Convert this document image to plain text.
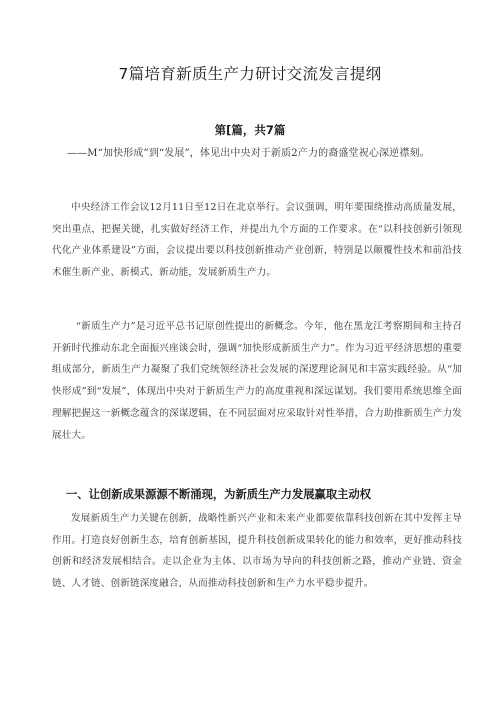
7篇培育新质生产力研讨交流发言提纲
第[篇，共7篇
——M“加快形成”到“发展”，体见出中央对于新质2产力的裔盛堂祝心深逆襟刻。
中央经济工作会议12月11日至12日在北京举行。会议强调，明年要围绕推动高质量发展，突出重点，把握关键，扎实做好经济工作，并提出九个方面的工作要求。在“以科技创新引领现代化产业体系建设”方面，会议提出要以科技创新推动产业创新，特别是以颠覆性技术和前沿技术催生新产业、新模式、新动能，发展新质生产力。
“新质生产力”是习近平总书记原创性提出的新概念。今年，他在黑龙江考察期间和主持召开新时代推动东北全面振兴座谈会时，强调“加快形成新质生产力”。作为习近平经济思想的重要组成部分，新质生产力凝聚了我们党统领经济社会发展的深逻理论洞见和丰富实践经验。从“加快形成”到“发展”，体现出中央对于新质生产力的高度重视和深远谋划。我们要用系统思维全面理解把握这一新概念蕴含的深谋逻辑，在不同层面对应采取针对性举措，合力助推新质生产力发展壮大。
一、让创新成果源源不断涌现，为新质生产力发展赢取主动权
发展新质生产力关键在创新，战略性新兴产业和未来产业都要依靠科技创新在其中发挥主导作用。打造良好创新生态，培育创新基因，提升科技创新成果转化的能力和效率，更好推动科技创新和经济发展相结合。走以企业为主体、以市场为导向的科技创新之路，推动产业链、资金链、人才链、创新链深度融合，从而推动科技创新和生产力水平稳步提升。
